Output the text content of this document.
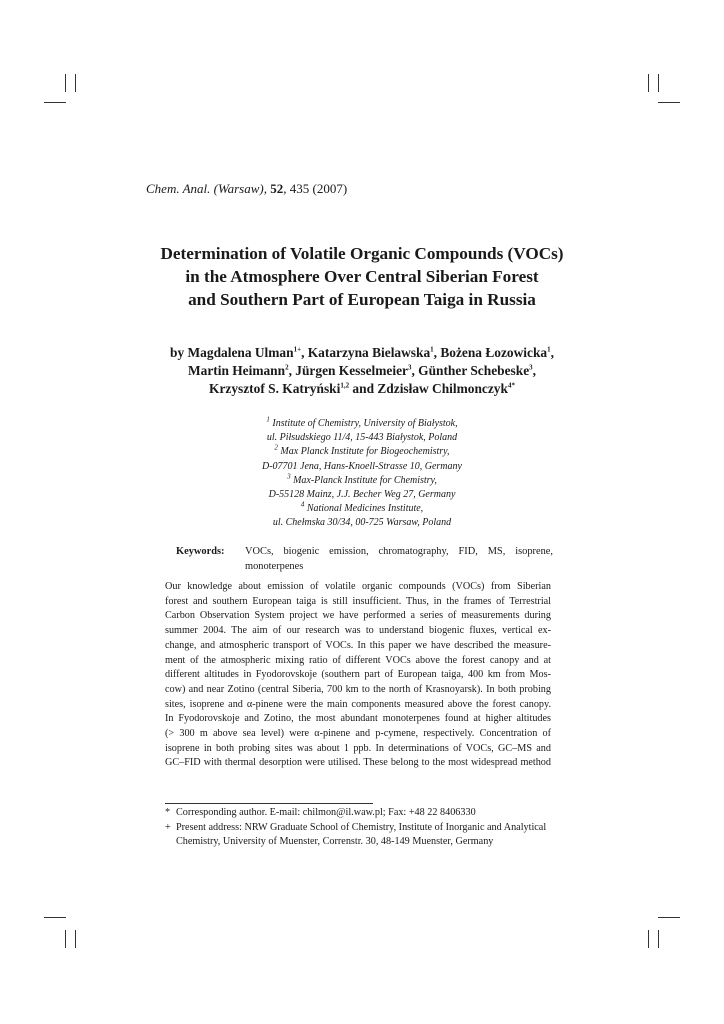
Chem. Anal. (Warsaw), 52, 435 (2007)
Determination of Volatile Organic Compounds (VOCs)
in the Atmosphere Over Central Siberian Forest
and Southern Part of European Taiga in Russia
by Magdalena Ulman$^{1+}$, Katarzyna Bielawska$^1$, Bożena Łozowicka$^1$,
Martin Heimann$^2$, Jürgen Kesselmeier$^3$, Günther Schebeske$^3$,
Krzysztof S. Katryński$^{1,2}$ and Zdzisław Chilmonczyk$^{4*}$
$^1$ Institute of Chemistry, University of Białystok,
ul. Piłsudskiego 11/4, 15-443 Białystok, Poland
$^2$ Max Planck Institute for Biogeochemistry,
D-07701 Jena, Hans-Knoell-Strasse 10, Germany
$^3$ Max-Planck Institute for Chemistry,
D-55128 Mainz, J.J. Becher Weg 27, Germany
$^4$ National Medicines Institute,
ul. Chełmska 30/34, 00-725 Warsaw, Poland
Keywords: VOCs, biogenic emission, chromatography, FID, MS, isoprene, monoterpenes
Our knowledge about emission of volatile organic compounds (VOCs) from Siberian
forest and southern European taiga is still insufficient. Thus, in the frames of Terrestrial
Carbon Observation System project we have performed a series of measurements during
summer 2004. The aim of our research was to understand biogenic fluxes, vertical ex-
change, and atmospheric transport of VOCs. In this paper we have described the measure-
ment of the atmospheric mixing ratio of different VOCs above the forest canopy and at
different altitudes in Fyodorovskoje (southern part of European taiga, 400 km from Mos-
cow) and near Zotino (central Siberia, 700 km to the north of Krasnoyarsk). In both probing
sites, isoprene and α-pinene were the main components measured above the forest canopy.
In Fyodorovskoje and Zotino, the most abundant monoterpenes found at higher altitudes
(> 300 m above sea level) were α-pinene and p-cymene, respectively. Concentration of
isoprene in both probing sites was about 1 ppb. In determinations of VOCs, GC–MS and
GC–FID with thermal desorption were utilised. These belong to the most widespread method
* Corresponding author. E-mail: chilmon@il.waw.pl; Fax: +48 22 8406330
+ Present address: NRW Graduate School of Chemistry, Institute of Inorganic and Analytical
Chemistry, University of Muenster, Correnstr. 30, 48-149 Muenster, Germany
